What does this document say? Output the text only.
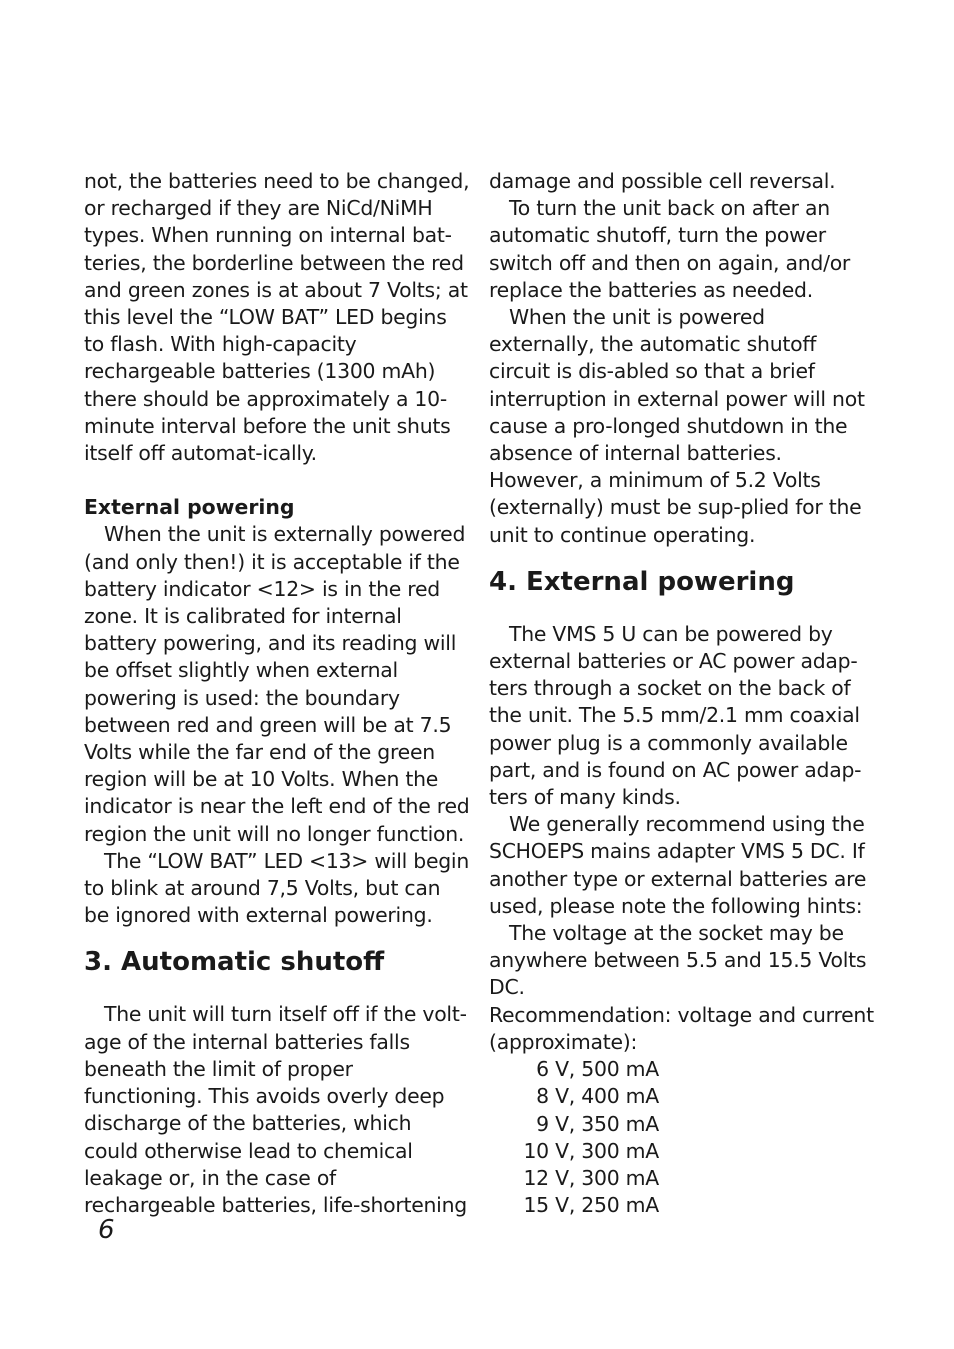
not, the batteries need to be changed, or recharged if they are NiCd/NiMH types. When running on internal bat-teries, the borderline between the red and green zones is at about 7 Volts; at this level the “LOW BAT” LED begins to flash. With high-capacity rechargeable batteries (1300 mAh) there should be approximately a 10-minute interval before the unit shuts itself off automat-ically.

External powering

When the unit is externally powered (and only then!) it is acceptable if the battery indicator <12> is in the red zone. It is calibrated for internal battery powering, and its reading will be offset slightly when external powering is used: the boundary between red and green will be at 7.5 Volts while the far end of the green region will be at 10 Volts. When the indicator is near the left end of the red region the unit will no longer function.

The “LOW BAT” LED <13> will begin to blink at around 7,5 Volts, but can be ignored with external powering.

3. Automatic shutoff

The unit will turn itself off if the volt-age of the internal batteries falls beneath the limit of proper functioning. This avoids overly deep discharge of the batteries, which could otherwise lead to chemical leakage or, in the case of rechargeable batteries, life-shortening

damage and possible cell reversal.

To turn the unit back on after an automatic shutoff, turn the power switch off and then on again, and/or replace the batteries as needed.

When the unit is powered externally, the automatic shutoff circuit is dis-abled so that a brief interruption in external power will not cause a pro-longed shutdown in the absence of internal batteries. However, a minimum of 5.2 Volts (externally) must be sup-plied for the unit to continue operating.

4. External powering

The VMS 5 U can be powered by external batteries or AC power adap-ters through a socket on the back of the unit. The 5.5 mm/2.1 mm coaxial power plug is a commonly available part, and is found on AC power adap-ters of many kinds.

We generally recommend using the SCHOEPS mains adapter VMS 5 DC. If another type or external batteries are used, please note the following hints:

The voltage at the socket may be anywhere between 5.5 and 15.5 Volts DC.

Recommendation: voltage and current (approximate):

6 V, 500 mA
8 V, 400 mA
9 V, 350 mA
10 V, 300 mA
12 V, 300 mA
15 V, 250 mA
6
